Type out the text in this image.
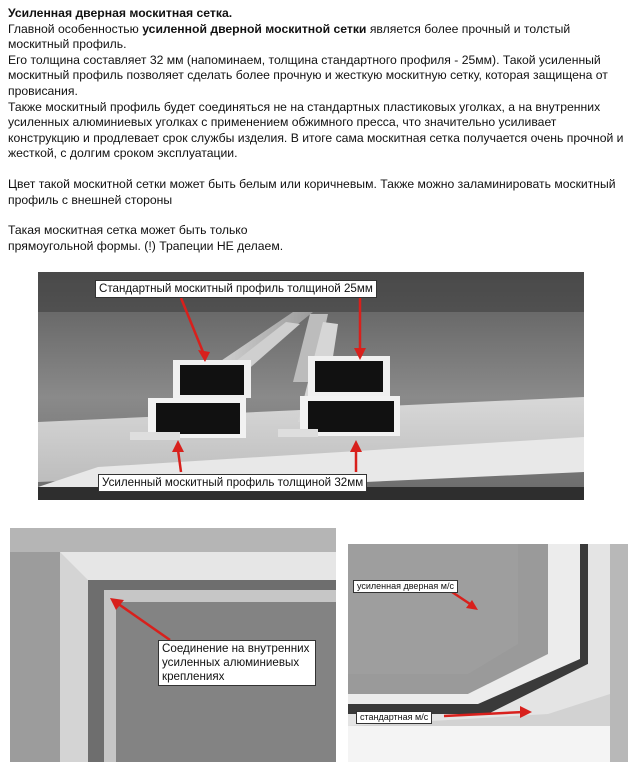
Усиленная дверная москитная сетка.

Главной особенностью усиленной дверной москитной сетки является более прочный и толстый москитный профиль.

Его толщина составляет 32 мм (напоминаем, толщина стандартного профиля - 25мм). Такой усиленный москитный профиль позволяет сделать более прочную и жесткую москитную сетку, которая защищена от провисания.

Также москитный профиль будет соединяться не на стандартных пластиковых уголках, а на внутренних усиленных алюминиевых уголках с применением обжимного пресса, что значительно усиливает конструкцию и продлевает срок службы изделия. В итоге сама москитная сетка получается очень прочной и жесткой, с долгим сроком эксплуатации.

Цвет такой москитной сетки может быть белым или коричневым. Также можно заламинировать москитный профиль с внешней стороны

Такая москитная сетка может быть только

прямоугольной формы. (!) Трапеции НЕ делаем.

Стандартный москитный профиль толщиной 25мм
Усиленный москитный профиль толщиной 32мм
Соединение на внутренних усиленных алюминиевых креплениях
усиленная дверная м/с
стандартная м/с
